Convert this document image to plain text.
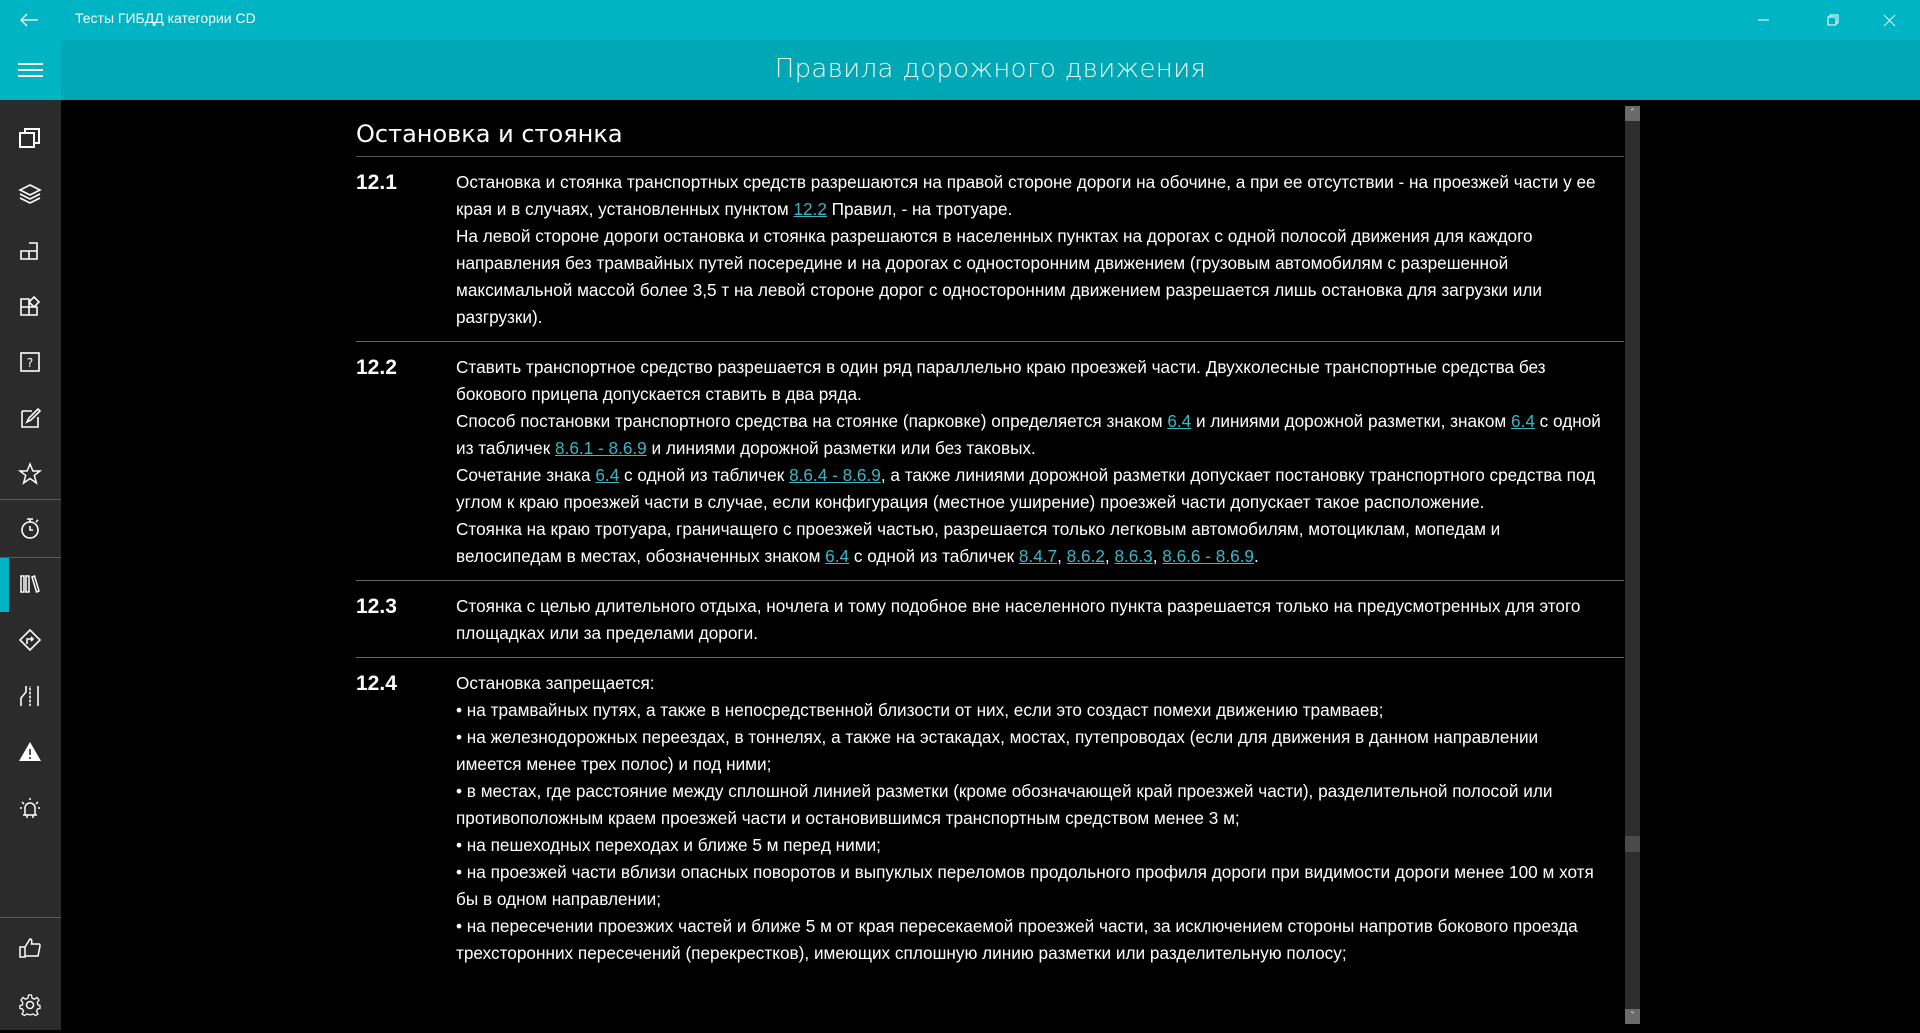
Тесты ГИБДД категории CD
?
Правила дорожного движения
Остановка и стоянка
12.1	Остановка и стоянка транспортных средств разрешаются на правой стороне дороги на обочине, а при ее отсутствии - на проезжей части у ее края и в случаях, установленных пунктом 12.2 Правил, - на тротуаре.

На левой стороне дороги остановка и стоянка разрешаются в населенных пунктах на дорогах с одной полосой движения для каждого направления без трамвайных путей посередине и на дорогах с односторонним движением (грузовым автомобилям с разрешенной максимальной массой более 3,5 т на левой стороне дорог с односторонним движением разрешается лишь остановка для загрузки или разгрузки).

12.2	Ставить транспортное средство разрешается в один ряд параллельно краю проезжей части. Двухколесные транспортные средства без бокового прицепа допускается ставить в два ряда.

Способ постановки транспортного средства на стоянке (парковке) определяется знаком 6.4 и линиями дорожной разметки, знаком 6.4 с одной из табличек 8.6.1 - 8.6.9 и линиями дорожной разметки или без таковых.

Сочетание знака 6.4 с одной из табличек 8.6.4 - 8.6.9, а также линиями дорожной разметки допускает постановку транспортного средства под углом к краю проезжей части в случае, если конфигурация (местное уширение) проезжей части допускает такое расположение.

Стоянка на краю тротуара, граничащего с проезжей частью, разрешается только легковым автомобилям, мотоциклам, мопедам и велосипедам в местах, обозначенных знаком 6.4 с одной из табличек 8.4.7, 8.6.2, 8.6.3, 8.6.6 - 8.6.9.

12.3	Стоянка с целью длительного отдыха, ночлега и тому подобное вне населенного пункта разрешается только на предусмотренных для этого площадках или за пределами дороги.

12.4	Остановка запрещается:

• на трамвайных путях, а также в непосредственной близости от них, если это создаст помехи движению трамваев;

• на железнодорожных переездах, в тоннелях, а также на эстакадах, мостах, путепроводах (если для движения в данном направлении имеется менее трех полос) и под ними;

• в местах, где расстояние между сплошной линией разметки (кроме обозначающей край проезжей части), разделительной полосой или противоположным краем проезжей части и остановившимся транспортным средством менее 3 м;

• на пешеходных переходах и ближе 5 м перед ними;

• на проезжей части вблизи опасных поворотов и выпуклых переломов продольного профиля дороги при видимости дороги менее 100 м хотя бы в одном направлении;

• на пересечении проезжих частей и ближе 5 м от края пересекаемой проезжей части, за исключением стороны напротив бокового проезда трехсторонних пересечений (перекрестков), имеющих сплошную линию разметки или разделительную полосу;

˄
˅
